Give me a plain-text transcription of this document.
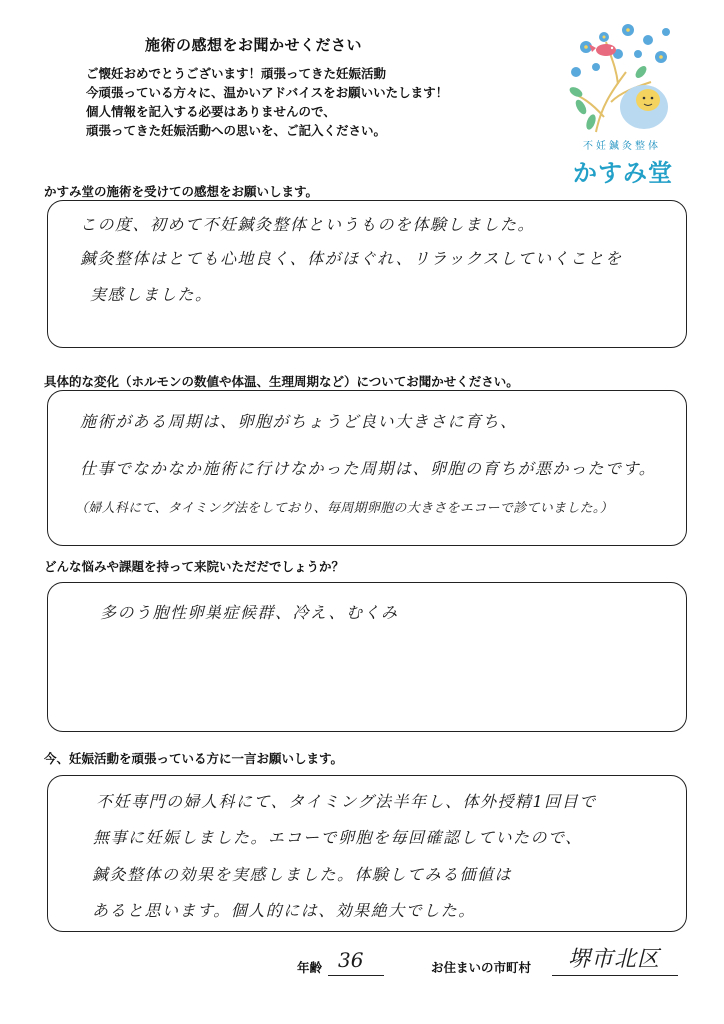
施術の感想をお聞かせください
ご懐妊おめでとうございます！頑張ってきた妊娠活動
今頑張っている方々に、温かいアドバイスをお願いいたします！
個人情報を記入する必要はありませんので、
頑張ってきた妊娠活動への思いを、ご記入ください。
不妊鍼灸整体
かすみ堂
かすみ堂の施術を受けての感想をお願いします。
この度、初めて不妊鍼灸整体というものを体験しました。
鍼灸整体はとても心地良く、体がほぐれ、リラックスしていくことを
実感しました。
具体的な変化（ホルモンの数値や体温、生理周期など）についてお聞かせください。
施術がある周期は、卵胞がちょうど良い大きさに育ち、
仕事でなかなか施術に行けなかった周期は、卵胞の育ちが悪かったです。
（婦人科にて、タイミング法をしており、毎周期卵胞の大きさをエコーで診ていました。）
どんな悩みや課題を持って来院いただだでしょうか？
多のう胞性卵巣症候群、冷え、むくみ
今、妊娠活動を頑張っている方に一言お願いします。
不妊専門の婦人科にて、タイミング法半年し、体外授精1回目で
無事に妊娠しました。エコーで卵胞を毎回確認していたので、
鍼灸整体の効果を実感しました。体験してみる価値は
あると思います。個人的には、効果絶大でした。
年齢 36	お住まいの市町村 堺市北区
